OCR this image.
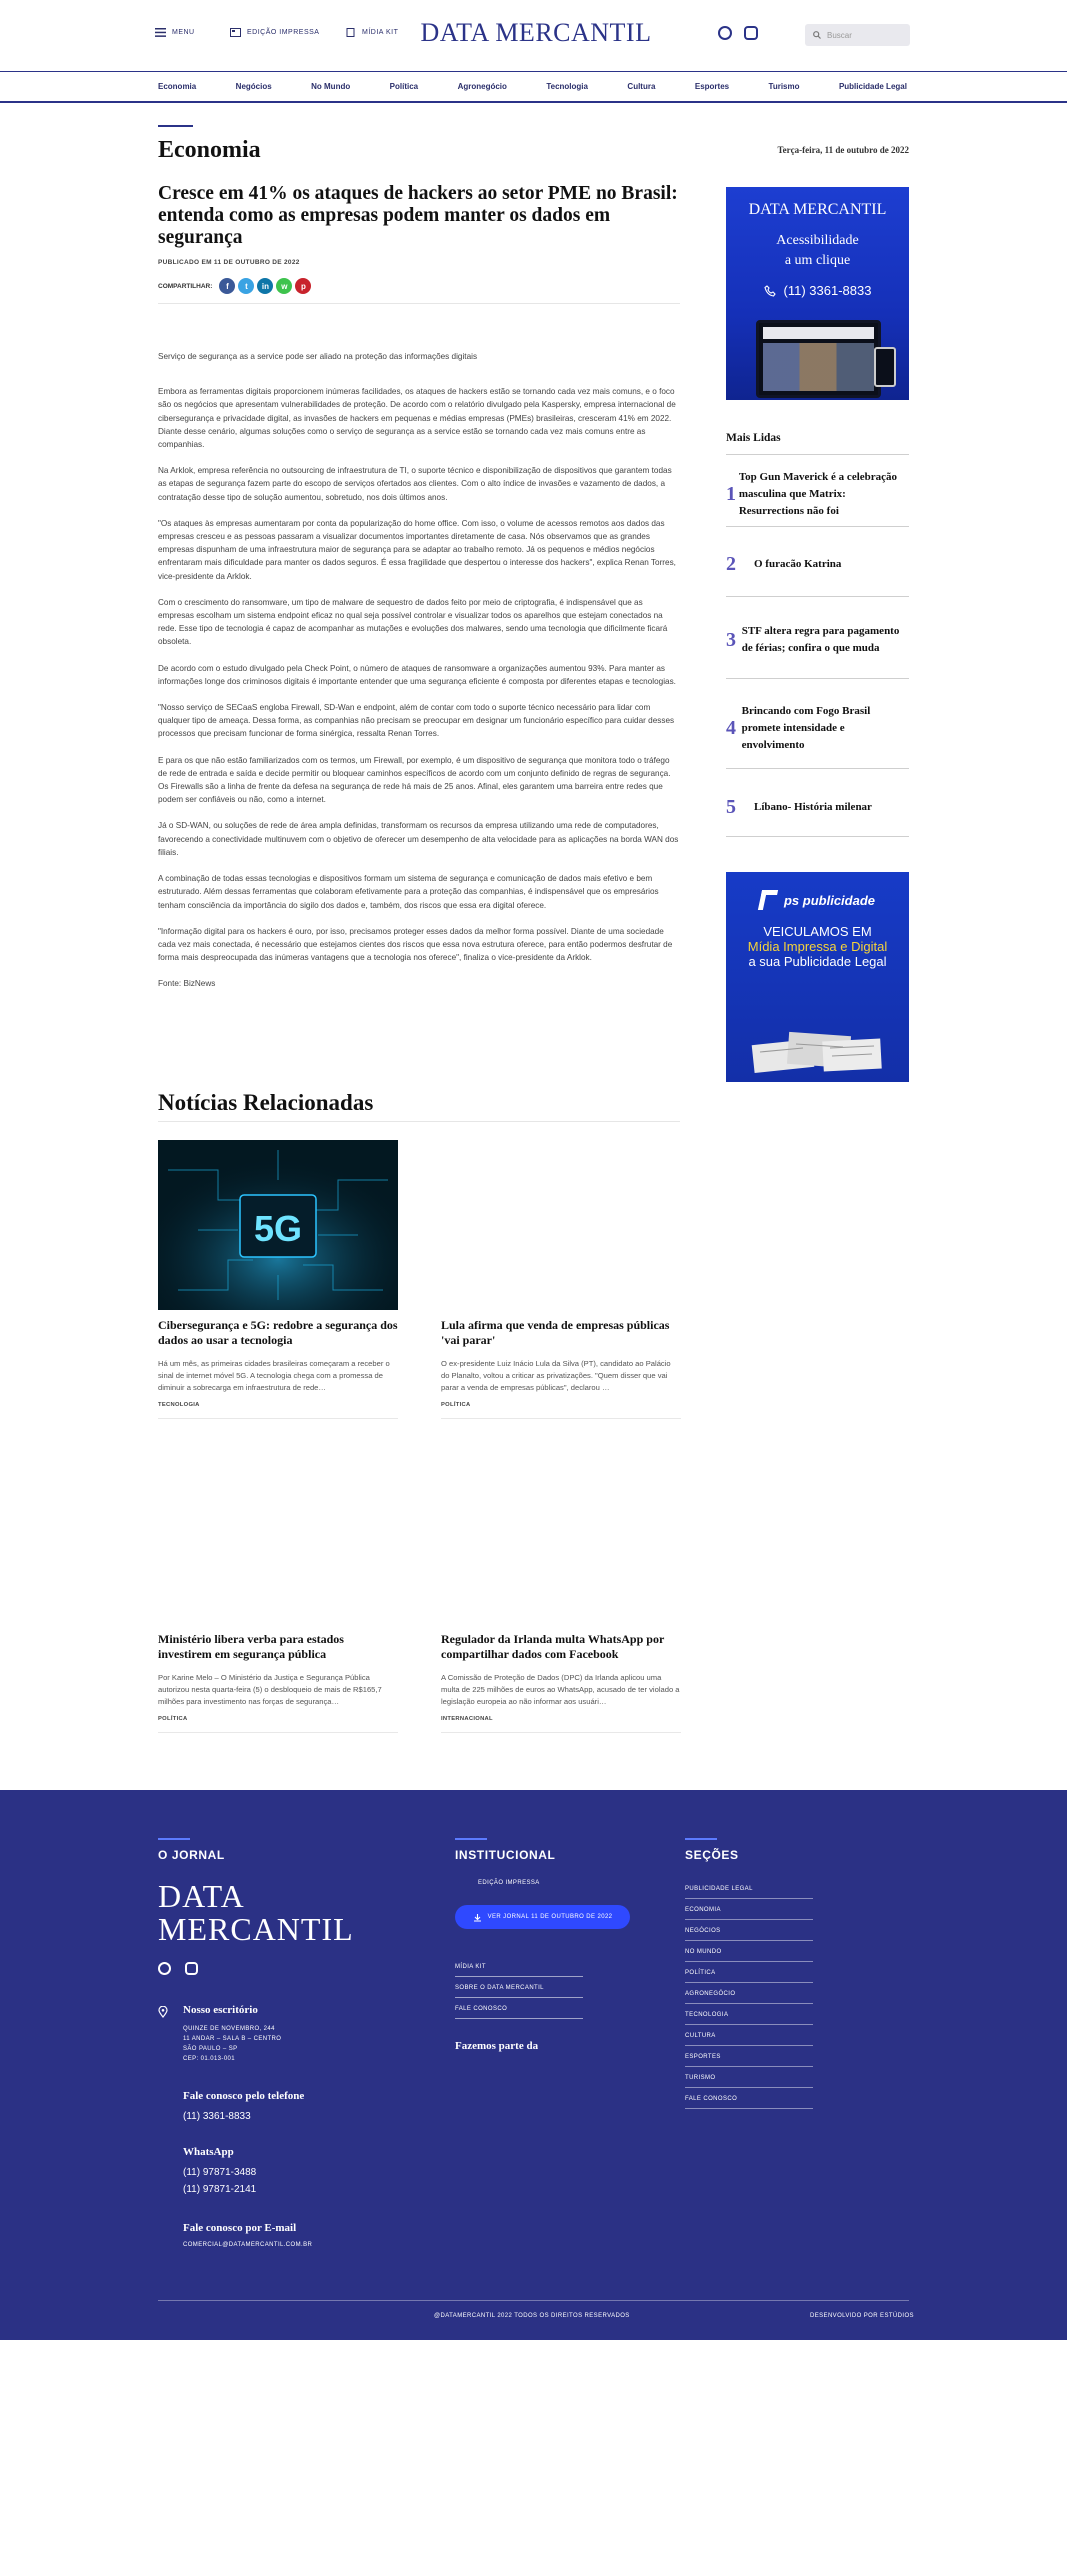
MENU	EDIÇÃO IMPRESSA	MÍDIA KIT DATA MERCANTIL	Buscar
Economia	Negócios	No Mundo	Política	Agronegócio	Tecnologia	Cultura	Esportes	Turismo	Publicidade Legal
Economia	Terça-feira, 11 de outubro de 2022
Cresce em 41% os ataques de hackers ao setor PME no Brasil: entenda como as empresas podem manter os dados em segurança
PUBLICADO EM 11 DE OUTUBRO DE 2022
COMPARTILHAR:	f	t	in	w	p

Serviço de segurança as a service pode ser aliado na proteção das informações digitais

Embora as ferramentas digitais proporcionem inúmeras facilidades, os ataques de hackers estão se tornando cada vez mais comuns, e o foco são os negócios que apresentam vulnerabilidades de proteção. De acordo com o relatório divulgado pela Kaspersky, empresa internacional de cibersegurança e privacidade digital, as invasões de hackers em pequenas e médias empresas (PMEs) brasileiras, cresceram 41% em 2022. Diante desse cenário, algumas soluções como o serviço de segurança as a service estão se tornando cada vez mais comuns entre as companhias.

Na Arklok, empresa referência no outsourcing de infraestrutura de TI, o suporte técnico e disponibilização de dispositivos que garantem todas as etapas de segurança fazem parte do escopo de serviços ofertados aos clientes. Com o alto índice de invasões e vazamento de dados, a contratação desse tipo de solução aumentou, sobretudo, nos dois últimos anos.

"Os ataques às empresas aumentaram por conta da popularização do home office. Com isso, o volume de acessos remotos aos dados das empresas cresceu e as pessoas passaram a visualizar documentos importantes diretamente de casa. Nós observamos que as grandes empresas dispunham de uma infraestrutura maior de segurança para se adaptar ao trabalho remoto. Já os pequenos e médios negócios enfrentaram mais dificuldade para manter os dados seguros. É essa fragilidade que despertou o interesse dos hackers", explica Renan Torres, vice-presidente da Arklok.

Com o crescimento do ransomware, um tipo de malware de sequestro de dados feito por meio de criptografia, é indispensável que as empresas escolham um sistema endpoint eficaz no qual seja possível controlar e visualizar todos os aparelhos que estejam conectados na rede. Esse tipo de tecnologia é capaz de acompanhar as mutações e evoluções dos malwares, sendo uma tecnologia que dificilmente ficará obsoleta.

De acordo com o estudo divulgado pela Check Point, o número de ataques de ransomware a organizações aumentou 93%. Para manter as informações longe dos criminosos digitais é importante entender que uma segurança eficiente é composta por diferentes etapas e tecnologias.

"Nosso serviço de SECaaS engloba Firewall, SD-Wan e endpoint, além de contar com todo o suporte técnico necessário para lidar com qualquer tipo de ameaça. Dessa forma, as companhias não precisam se preocupar em designar um funcionário específico para cuidar desses processos que precisam funcionar de forma sinérgica, ressalta Renan Torres.

E para os que não estão familiarizados com os termos, um Firewall, por exemplo, é um dispositivo de segurança que monitora todo o tráfego de rede de entrada e saída e decide permitir ou bloquear caminhos específicos de acordo com um conjunto definido de regras de segurança. Os Firewalls são a linha de frente da defesa na segurança de rede há mais de 25 anos. Afinal, eles garantem uma barreira entre redes que podem ser confiáveis ou não, como a internet.

Já o SD-WAN, ou soluções de rede de área ampla definidas, transformam os recursos da empresa utilizando uma rede de computadores, favorecendo a conectividade multinuvem com o objetivo de oferecer um desempenho de alta velocidade para as aplicações na borda WAN dos filiais.

A combinação de todas essas tecnologias e dispositivos formam um sistema de segurança e comunicação de dados mais efetivo e bem estruturado. Além dessas ferramentas que colaboram efetivamente para a proteção das companhias, é indispensável que os empresários tenham consciência da importância do sigilo dos dados e, também, dos riscos que essa era digital oferece.

"Informação digital para os hackers é ouro, por isso, precisamos proteger esses dados da melhor forma possível. Diante de uma sociedade cada vez mais conectada, é necessário que estejamos cientes dos riscos que essa nova estrutura oferece, para então podermos desfrutar de forma mais despreocupada das inúmeras vantagens que a tecnologia nos oferece", finaliza o vice-presidente da Arklok.

Fonte: BizNews

Notícias Relacionadas
5G
Cibersegurança e 5G: redobre a segurança dos dados ao usar a tecnologia

Há um mês, as primeiras cidades brasileiras começaram a receber o sinal de internet móvel 5G. A tecnologia chega com a promessa de diminuir a sobrecarga em infraestrutura de rede…

TECNOLOGIA
Lula afirma que venda de empresas públicas 'vai parar'

O ex-presidente Luiz Inácio Lula da Silva (PT), candidato ao Palácio do Planalto, voltou a criticar as privatizações. "Quem disser que vai parar a venda de empresas públicas", declarou …

POLÍTICA
Ministério libera verba para estados investirem em segurança pública

Por Karine Melo – O Ministério da Justiça e Segurança Pública autorizou nesta quarta-feira (5) o desbloqueio de mais de R$165,7 milhões para investimento nas forças de segurança…

POLÍTICA
Regulador da Irlanda multa WhatsApp por compartilhar dados com Facebook

A Comissão de Proteção de Dados (DPC) da Irlanda aplicou uma multa de 225 milhões de euros ao WhatsApp, acusado de ter violado a legislação europeia ao não informar aos usuári…

INTERNACIONAL
DATA MERCANTIL
Acessibilidade
a um clique
(11) 3361-8833
Mais Lidas
1
Top Gun Maverick é a celebração masculina que Matrix: Resurrections não foi
2	O furacão Katrina
3 STF altera regra para pagamento de férias; confira o que muda
4
Brincando com Fogo Brasil promete intensidade e envolvimento
5	Líbano- História milenar
ps publicidade
VEICULAMOS EM
Mídia Impressa e Digital
a sua Publicidade Legal
O JORNAL
DATA
MERCANTIL
Nosso escritório
QUINZE DE NOVEMBRO, 244
11 ANDAR – SALA B – CENTRO
SÃO PAULO – SP
CEP: 01.013-001
Fale conosco pelo telefone
(11) 3361-8833
WhatsApp
(11) 97871-3488
(11) 97871-2141
Fale conosco por E-mail
COMERCIAL@DATAMERCANTIL.COM.BR
INSTITUCIONAL
EDIÇÃO IMPRESSA
VER JORNAL 11 DE OUTUBRO DE 2022
MÍDIA KIT
SOBRE O DATA MERCANTIL
FALE CONOSCO
Fazemos parte da
SEÇÕES
PUBLICIDADE LEGAL
ECONOMIA
NEGÓCIOS
NO MUNDO
POLÍTICA
AGRONEGÓCIO
TECNOLOGIA
CULTURA
ESPORTES
TURISMO
FALE CONOSCO
@DATAMERCANTIL 2022 TODOS OS DIREITOS RESERVADOS	DESENVOLVIDO POR ESTÚDIOS
